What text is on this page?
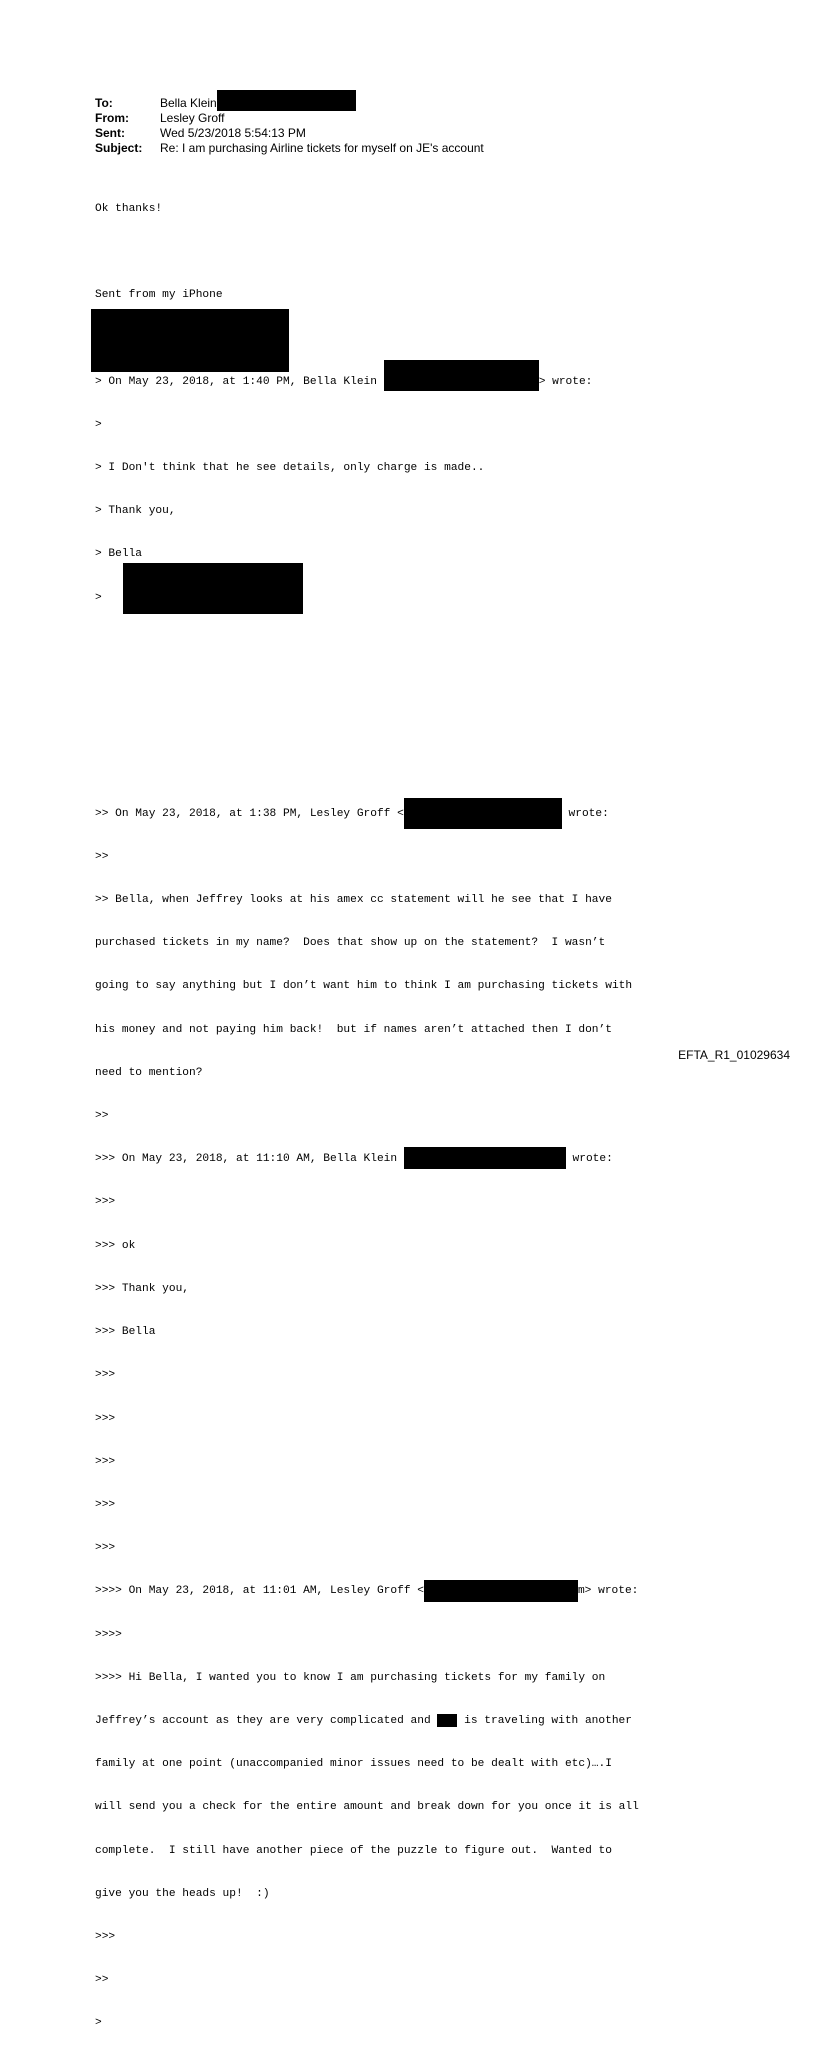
To:	Bella Klein
From:	Lesley Groff
Sent:	Wed 5/23/2018 5:54:13 PM
Subject:	Re: I am purchasing Airline tickets for myself on JE's account

Ok thanks!

Sent from my iPhone

> On May 23, 2018, at 1:40 PM, Bella Klein	> wrote:

>

> I Don't think that he see details, only charge is made..

> Thank you,

> Bella

>

>> On May 23, 2018, at 1:38 PM, Lesley Groff <	wrote:

>>

>> Bella, when Jeffrey looks at his amex cc statement will he see that I have

purchased tickets in my name?  Does that show up on the statement?  I wasn’t

going to say anything but I don’t want him to think I am purchasing tickets with

his money and not paying him back!  but if names aren’t attached then I don’t

need to mention?

>>

>>> On May 23, 2018, at 11:10 AM, Bella Klein	wrote:

>>>

>>> ok

>>> Thank you,

>>> Bella

>>>

>>>

>>>

>>>

>>>

>>>> On May 23, 2018, at 11:01 AM, Lesley Groff <	m> wrote:

>>>>

>>>> Hi Bella, I wanted you to know I am purchasing tickets for my family on

Jeffrey’s account as they are very complicated and  is traveling with another

family at one point (unaccompanied minor issues need to be dealt with etc)….I

will send you a check for the entire amount and break down for you once it is all

complete.  I still have another piece of the puzzle to figure out.  Wanted to

give you the heads up!  :)

>>>

>>

>

EFTA_R1_01029634
